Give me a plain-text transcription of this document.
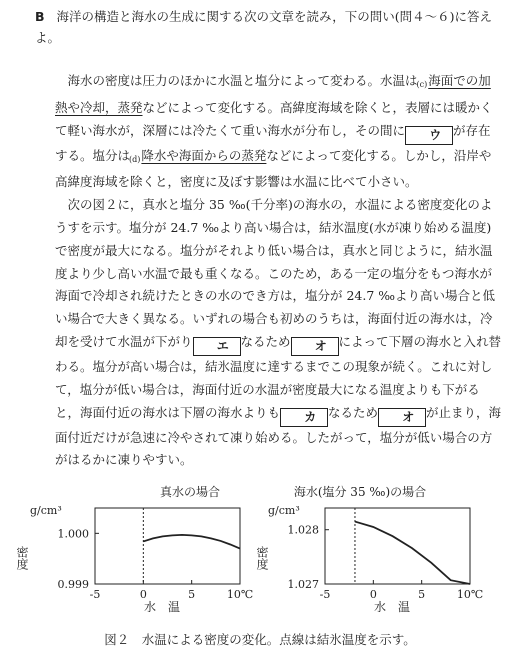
B 海洋の構造と海水の生成に関する次の文章を読み，下の問い(問４～６)に答えよ。

海水の密度は圧力のほかに水温と塩分によって変わる。水温は$_{(c)}$海面での加熱や冷却，蒸発などによって変化する。高緯度海域を除くと，表層には暖かくて軽い海水が，深層には冷たくて重い海水が分布し，その間に ウ が存在する。塩分は$_{(d)}$降水や海面からの蒸発などによって変化する。しかし，沿岸や高緯度海域を除くと，密度に及ぼす影響は水温に比べて小さい。

次の図２に，真水と塩分 35 ‰(千分率)の海水の，水温による密度変化のようすを示す。塩分が 24.7 ‰より高い場合は，結氷温度(水が凍り始める温度)で密度が最大になる。塩分がそれより低い場合は，真水と同じように，結氷温度より少し高い水温で最も重くなる。このため，ある一定の塩分をもつ海水が海面で冷却され続けたときの水のでき方は，塩分が 24.7 ‰より高い場合と低い場合で大きく異なる。いずれの場合も初めのうちは，海面付近の海水は，冷却を受けて水温が下がり エ なるため オ によって下層の海水と入れ替わる。塩分が高い場合は，結氷温度に達するまでこの現象が続く。これに対して，塩分が低い場合は，海面付近の水温が密度最大になる温度よりも下がると，海面付近の海水は下層の海水よりも カ なるため オ が止まり，海面付近だけが急速に冷やされて凍り始める。したがって，塩分が低い場合の方がはるかに凍りやすい。

真水の場合
g/cm³
密度
-5	0	5	10℃
1.000
0.999
水　温
海水(塩分 35 ‰)の場合
g/cm³
密度
-5	0	5	10℃
1.028
1.027
水　温
図２　水温による密度の変化。点線は結氷温度を示す。
